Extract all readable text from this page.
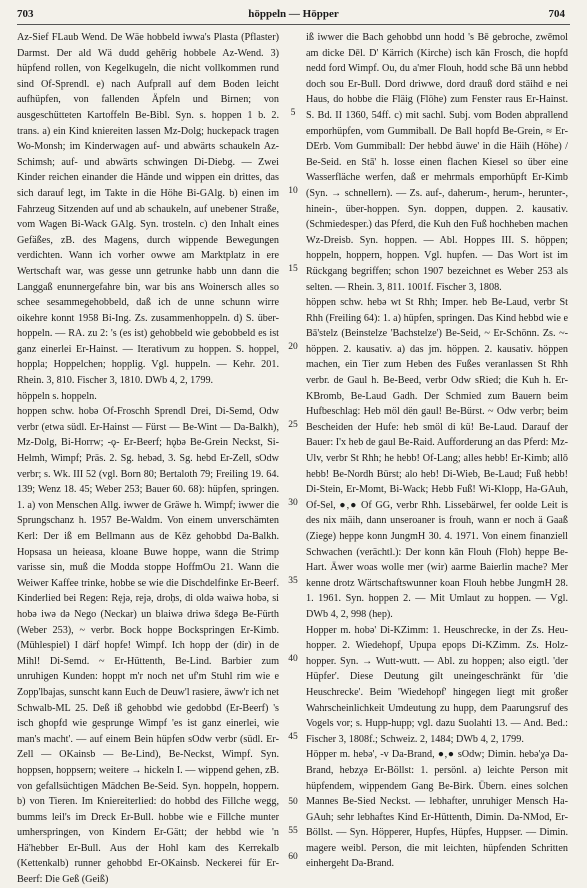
703	höppeln — Höpper	704

Az-Sief FLaub Wend. De Wäe hobbeld iwwa's Plasta (Pflaster) Darmst. Der ald Wä dudd gehērig hobbele Az-Wend. 3) hüpfend rollen, von Kegelkugeln, die nicht vollkommen rund sind Of-Sprendl. e) nach Aufprall auf dem Boden leicht aufhüpfen, von fallenden Äpfeln und Birnen; von ausgeschütteten Kartoffeln Be-Bibl. Syn. s. hoppen 1 b. 2. trans. a) ein Kind kniereiten lassen Mz-Dolg; huckepack tragen Wo-Monsh; im Kinderwagen auf- und abwärts schaukeln Az-Schimsh; auf- und abwärts schwingen Di-Diebg. — Zwei Kinder reichen einander die Hände und wippen ein drittes, das sich darauf legt, im Takte in die Höhe Bi-GAlg. b) einen im Fahrzeug Sitzenden auf und ab schaukeln, auf unebener Straße, vom Wagen Bi-Wack GAlg. Syn. trosteln. c) den Inhalt eines Gefäßes, zB. des Magens, durch wippende Bewegungen verdichten. Wann ich vorher owwe am Marktplatz in ere Wertschaft war, was gesse unn getrunke habb unn dann die Langgaß enunnergefahre bin, war bis ans Woinersch alles so schee sesammegehobbeld, daß ich de unne schunn wirre oikehre konnt 1958 Bi-Ing. Zs. zusammenhoppeln. d) S. über-hoppeln. — RA. zu 2: 's (es ist) gehobbeld wie gebobbeld es ist ganz einerlei Er-Hainst. — Iterativum zu hoppen. S. hoppel, hoppla; Hoppelchen; hopplig. Vgl. huppeln. — Kehr. 201. Rhein. 3, 810. Fischer 3, 1810. DWb 4, 2, 1799.

höppeln s. hoppeln.

hoppen schw. hobə Of-Froschh Sprendl Drei, Di-Semd, Odw verbr (etwa südl. Er-Hainst — Fürst — Be-Wint — Da-Balkh), Mz-Dolg, Bi-Horrw; -ǫ- Er-Beerf; hǫbǝ Be-Grein Neckst, Si-Helmh, Wimpf; Präs. 2. Sg. hebəd, 3. Sg. hebd Er-Zell, sOdw verbr; s. Wk. III 52 (vgl. Born 80; Bertaloth 79; Freiling 19. 64. 139; Wenz 18. 45; Weber 253; Bauer 60. 68): hüpfen, springen. 1. a) von Menschen Allg. iwwer de Gräwe h. Wimpf; iwwer die Sprungschanz h. 1957 Be-Waldm. Von einem unverschämten Kerl: Der iß em Bellmann aus de Kēz gehobbd Da-Balkh. Hopsasa un heieasa, kloane Buwe hoppe, wann die Strimp varisse sin, muß die Modda stoppe HoffmOu 21. Wann die Weiwer Kaffee trinke, hobbe se wie die Dischdelfinke Er-Beerf. Kinderlied bei Regen: Rẹjə, rejə, droḥs, di oldə waiwə hobə, si hobə iwə də Nego (Neckar) un blaiwə driwə šdegə Be-Fürth (Weber 253), ~ verbr. Bock hoppe Bockspringen Er-Kimb. (Mühlespiel) I därf hopfe! Wimpf. Ich hopp der (dir) in de Mihl! Di-Semd. ~ Er-Hüttenth, Be-Lind. Barbier zum unruhigen Kunden: hoppt m'r noch net uf'm Stuhl rim wie e Zopp'lbajas, sunscht kann Euch de Deuw'l rasiere, äww'r ich net Schwalb-ML 25. Deß iß gehobbd wie gedobbd (Er-Beerf) 's isch ghopfd wie gesprunge Wimpf 'es ist ganz einerlei, wie man's macht'. — auf einem Bein hüpfen sOdw verbr (südl. Er-Zell — OKainsb — Be-Lind), Be-Neckst, Wimpf. Syn. hoppsen, hoppsern; weitere → hickeln I. — wippend gehen, zB. von gefallsüchtigen Mädchen Be-Seid. Syn. hoppeln, hoppern. b) von Tieren. Im Kniereiterlied: do hobbd des Fillche wegg, bumms leil's im Dreck Er-Bull. hobbe wie e Fillche munter umherspringen, von Kindern Er-Gätt; der hebbd wie 'n Hä'hebber Er-Bull. Aus der Hohl kam des Kerrekalb (Kettenkalb) runner gehobbd Er-OKainsb. Neckerei für Er-Beerf: Die Geß (Geiß)

5
10
15
20
25
30
35
40
45
50
55
60

iß iwwer die Bach gehobbd unn hodd 's Bē gebroche, zwēmol am dicke Dēl. D' Kärrich (Kirche) isch kān Frosch, die hopfd nedd ford Wimpf. Ou, du a'mer Flouh, hodd sche Bā unn hebbd doch sou Er-Bull. Dord driwwe, dord drauß dord stäihd e nei Haus, do hobbe die Fläig (Flöhe) zum Fenster raus Er-Hainst. S. Bd. II 1360, 54ff. c) mit sachl. Subj. vom Boden abprallend emporhüpfen, vom Gummiball. De Ball hopfd Be-Grein, ≈ Er-DErb. Vom Gummiball: Der hebbd äuwe' in die Häih (Höhe) / Be-Seid. en Stā' h. losse einen flachen Kiesel so über eine Wasserfläche werfen, daß er mehrmals emporhüpft Er-Kimb (Syn. → schnellern). — Zs. auf-, daherum-, herum-, herunter-, hinein-, über-hoppen. Syn. doppen, duppen. 2. kausativ. (Schmiedesper.) das Pferd, die Kuh den Fuß hochheben machen Wz-Dreisb. Syn. hoppen. — Abl. Hoppes III. S. höppen; hoppeln, hoppern, hoppen. Vgl. hupfen. — Das Wort ist im Rückgang begriffen; schon 1907 bezeichnet es Weber 253 als selten. — Rhein. 3, 811. 1001f. Fischer 3, 1808.

höppen schw. hebə wt St Rhh; Imper. heb Be-Laud, verbr St Rhh (Freiling 64): 1. a) hüpfen, springen. Das Kind hebbd wie e Bā'stelz (Beinstelze 'Bachstelze') Be-Seid, ~ Er-Schönn. Zs. ~-höppen. 2. kausativ. a) das jm. höppen. 2. kausativ. höppen machen, ein Tier zum Heben des Fußes veranlassen St Rhh verbr. de Gaul h. Be-Beed, verbr Odw sRied; die Kuh h. Er-KBromb, Be-Laud Gadh. Der Schmied zum Bauern beim Hufbeschlag: Heb möl dën gaul! Be-Bürst. ~ Odw verbr; beim Bescheiden der Hufe: heb smöl di kü! Be-Laud. Darauf der Bauer: I'x heb de gaul Be-Raid. Aufforderung an das Pferd: Mz-Ulv, verbr St Rhh; he hebb! Of-Lang; alles hebb! Er-Kimb; allō hebb! Be-Nordh Bürst; alo heb! Di-Wieb, Be-Laud; Fuß hebb! Di-Stein, Er-Momt, Bi-Wack; Hebb Fuß! Wi-Klopp, Ha-GAuh, Of-Sel, ●,● Of GG, verbr Rhh. Lissebärwel, fer oolde Leit is des nix mäih, dann unseroaner is frouh, wann er noch ä Gaaß (Ziege) heppe konn JungmH 30. 4. 1971. Von einem finanziell Schwachen (verächtl.): Der konn kān Flouh (Floh) heppe Be-Hart. Äwer woas wolle mer (wir) aarme Baierlin mache? Mer kenne drotz Wärtschaftswunner koan Flouh hebbe JungmH 28. 1. 1961. Syn. hoppen 2. — Mit Umlaut zu hoppen. — Vgl. DWb 4, 2, 998 (hep).

Hopper m. hobə' Di-KZimm: 1. Heuschrecke, in der Zs. Heu-hopper. 2. Wiedehopf, Upupa epops Di-KZimm. Zs. Holz-hopper. Syn. → Wutt-wutt. — Abl. zu hoppen; also eigtl. 'der Hüpfer'. Diese Deutung gilt uneingeschränkt für 'die Heuschrecke'. Beim 'Wiedehopf' hingegen liegt mit großer Wahrscheinlichkeit Umdeutung zu hupp, dem Paarungsruf des Vogels vor; s. Hupp-hupp; vgl. dazu Suolahti 13. — And. Bed.: Fischer 3, 1808f.; Schweiz. 2, 1484; DWb 4, 2, 1799.

Höpper m. hebə', -v Da-Brand, ●,● sOdw; Dimin. hebə'χə Da-Brand, hebzχə Er-Böllst: 1. persönl. a) leichte Person mit hüpfendem, wippendem Gang Be-Birk. Übern. eines solchen Mannes Be-Sied Neckst. — lebhafter, unruhiger Mensch Ha-GAuh; sehr lebhaftes Kind Er-Hüttenth, Dimin. Da-NMod, Er-Böllst. — Syn. Höpperer, Hupfes, Hüpfes, Huppser. — Dimin. magere weibl. Person, die mit leichten, hüpfenden Schritten einhergeht Da-Brand.
